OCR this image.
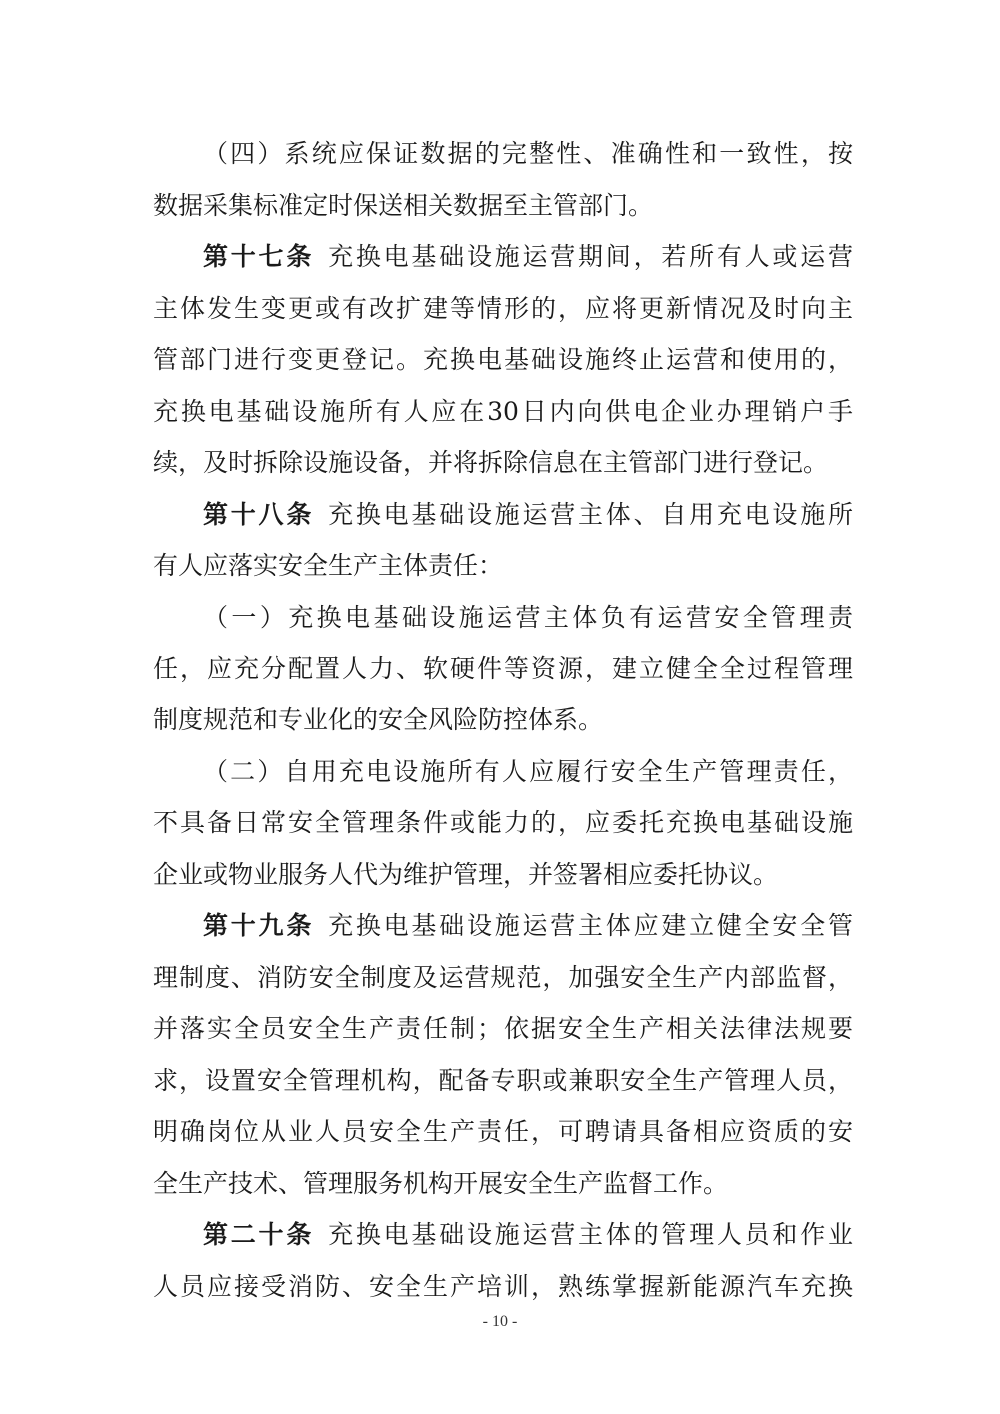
（四）系统应保证数据的完整性、准确性和一致性，按
数据采集标准定时保送相关数据至主管部门。
第十七条 充换电基础设施运营期间，若所有人或运营
主体发生变更或有改扩建等情形的，应将更新情况及时向主
管部门进行变更登记。充换电基础设施终止运营和使用的，
充换电基础设施所有人应在30日内向供电企业办理销户手
续，及时拆除设施设备，并将拆除信息在主管部门进行登记。
第十八条 充换电基础设施运营主体、自用充电设施所
有人应落实安全生产主体责任：
（一）充换电基础设施运营主体负有运营安全管理责
任，应充分配置人力、软硬件等资源，建立健全全过程管理
制度规范和专业化的安全风险防控体系。
（二）自用充电设施所有人应履行安全生产管理责任，
不具备日常安全管理条件或能力的，应委托充换电基础设施
企业或物业服务人代为维护管理，并签署相应委托协议。
第十九条 充换电基础设施运营主体应建立健全安全管
理制度、消防安全制度及运营规范，加强安全生产内部监督，
并落实全员安全生产责任制；依据安全生产相关法律法规要
求，设置安全管理机构，配备专职或兼职安全生产管理人员，
明确岗位从业人员安全生产责任，可聘请具备相应资质的安
全生产技术、管理服务机构开展安全生产监督工作。
第二十条 充换电基础设施运营主体的管理人员和作业
人员应接受消防、安全生产培训，熟练掌握新能源汽车充换
- 10 -
